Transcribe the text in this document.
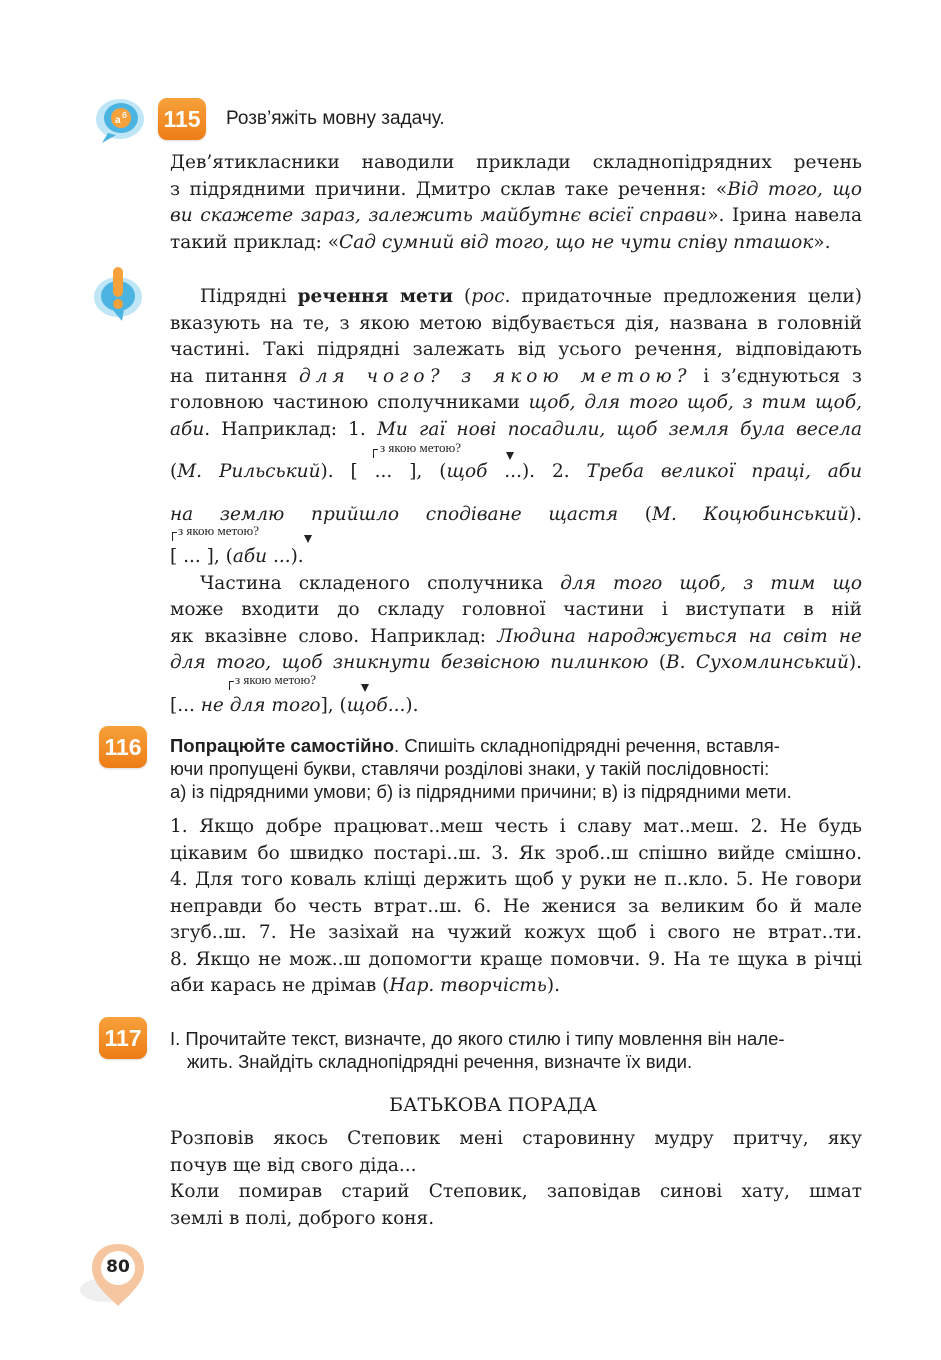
a б 115 Розв’яжіть мовну задачу.
Дев’ятикласники наводили приклади складнопідрядних речень
з підрядними причини. Дмитро склав таке речення: «Від того, що
ви скажете зараз, залежить майбутнє всієї справи». Ірина навела
такий приклад: «Сад сумний від того, що не чути співу пташок».
Підрядні речення мети (рос. придаточные предложения цели)
вказують на те, з якою метою відбувається дія, названа в головній
частині. Такі підрядні залежать від усього речення, відповідають
на питання для чого? з якою метою? і з’єднуються з
головною частиною сполучниками щоб, для того щоб, з тим щоб,
аби. Наприклад: 1. Ми гаї нові посадили, щоб земля була весела
(М. Рильський). [ ... ], (щоб ...). 2. Треба великої праці, аби
на землю прийшло сподіване щастя (М. Коцюбинський).
[ ... ], (аби ...).
Частина складеного сполучника для того щоб, з тим що
може входити до складу головної частини і виступати в ній
як вказівне слово. Наприклад: Людина народжується на світ не
для того, щоб зникнути безвісною пилинкою (В. Сухомлинський).
[... не для того], (щоб...).
з якою метою?
з якою метою?
з якою метою?
116 Попрацюйте самостійно. Спишіть складнопідрядні речення, вставля-
ючи пропущені букви, ставлячи розділові знаки, у такій послідовності:
а) із підрядними умови; б) із підрядними причини; в) із підрядними мети.
1. Якщо добре працюват..меш честь і славу мат..меш. 2. Не будь
цікавим бо швидко постарі..ш. 3. Як зроб..ш спішно вийде смішно.
4. Для того коваль кліщі держить щоб у руки не п..кло. 5. Не говори
неправди бо честь втрат..ш. 6. Не женися за великим бо й мале
згуб..ш. 7. Не зазіхай на чужий кожух щоб і свого не втрат..ти.
8. Якщо не мож..ш допомогти краще помовчи. 9. На те щука в річці
аби карась не дрімав (Нар. творчість).
117 І. Прочитайте текст, визначте, до якого стилю і типу мовлення він нале-
жить. Знайдіть складнопідрядні речення, визначте їх види.
БАТЬКОВА ПОРАДА
Розповів якось Степовик мені старовинну мудру притчу, яку
почув ще від свого діда...
Коли помирав старий Степовик, заповідав синові хату, шмат
землі в полі, доброго коня.
80
